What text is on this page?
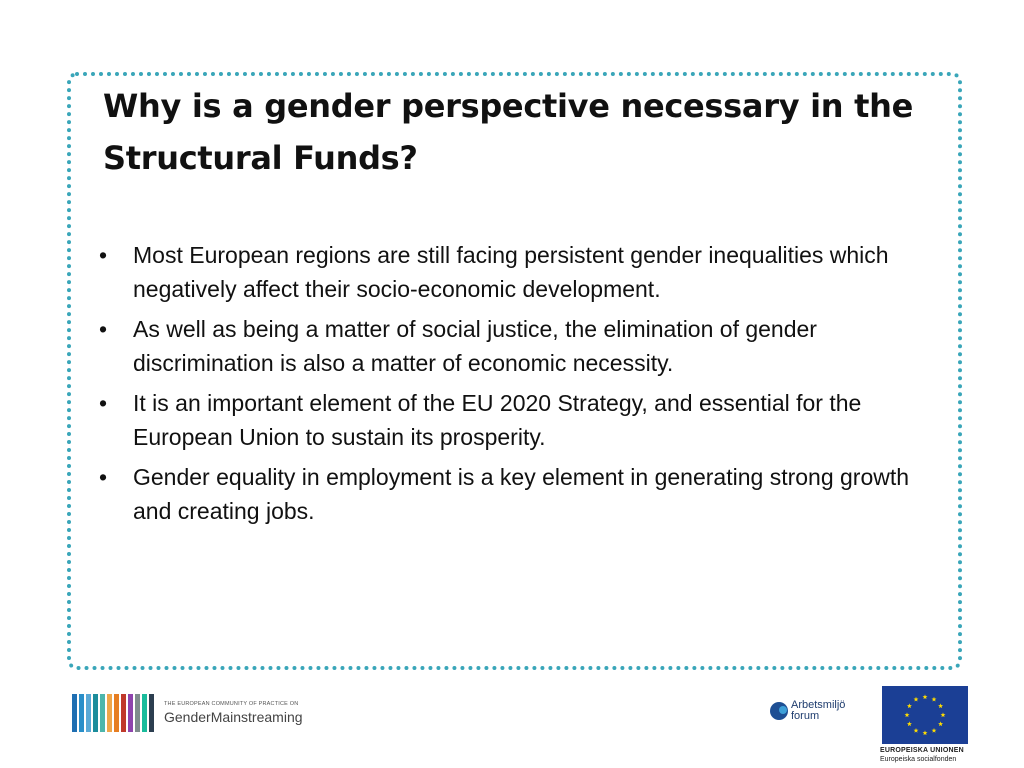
Why is a gender perspective necessary in the Structural Funds?
• Most European regions are still facing persistent gender inequalities which negatively affect their socio-economic development.
• As well as being a matter of social justice, the elimination of gender discrimination is also a matter of economic necessity.
• It is an important element of the EU 2020 Strategy, and essential for the European Union to sustain its prosperity.
• Gender equality in employment is a key element in generating strong growth and creating jobs.
THE EUROPEAN COMMUNITY OF PRACTICE ON
GenderMainstreaming
Arbetsmiljö
forum
EUROPEISKA UNIONEN
Europeiska socialfonden
